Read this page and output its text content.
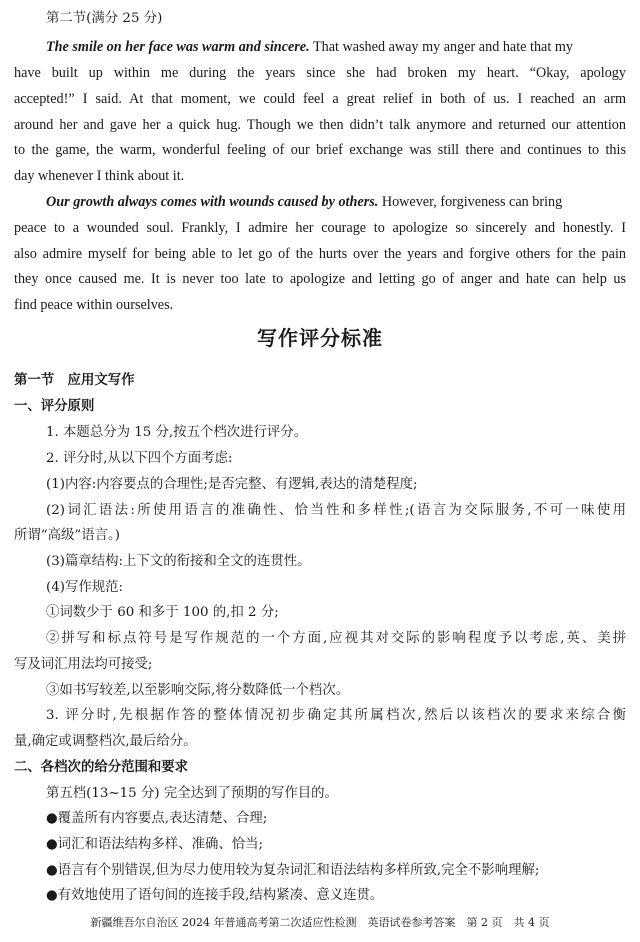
第二节(满分 25 分)
The smile on her face was warm and sincere. That washed away my anger and hate that my
have built up within me during the years since she had broken my heart. “Okay, apology
accepted!” I said. At that moment, we could feel a great relief in both of us. I reached an arm
around her and gave her a quick hug. Though we then didn’t talk anymore and returned our attention
to the game, the warm, wonderful feeling of our brief exchange was still there and continues to this
day whenever I think about it.
Our growth always comes with wounds caused by others. However, forgiveness can bring
peace to a wounded soul. Frankly, I admire her courage to apologize so sincerely and honestly. I
also admire myself for being able to let go of the hurts over the years and forgive others for the pain
they once caused me. It is never too late to apologize and letting go of anger and hate can help us
find peace within ourselves.
写作评分标准
第一节　应用文写作
一、评分原则
1. 本题总分为 15 分,按五个档次进行评分。
2. 评分时,从以下四个方面考虑:
(1)内容:内容要点的合理性;是否完整、有逻辑,表达的清楚程度;
(2)词汇语法:所使用语言的准确性、恰当性和多样性;(语言为交际服务,不可一味使用
所谓“高级”语言。)
(3)篇章结构:上下文的衔接和全文的连贯性。
(4)写作规范:
①词数少于 60 和多于 100 的,扣 2 分;
②拼写和标点符号是写作规范的一个方面,应视其对交际的影响程度予以考虑,英、美拼
写及词汇用法均可接受;
③如书写较差,以至影响交际,将分数降低一个档次。
3. 评分时,先根据作答的整体情况初步确定其所属档次,然后以该档次的要求来综合衡
量,确定或调整档次,最后给分。
二、各档次的给分范围和要求
第五档(13~15 分) 完全达到了预期的写作目的。
●覆盖所有内容要点,表达清楚、合理;
●词汇和语法结构多样、准确、恰当;
●语言有个别错误,但为尽力使用较为复杂词汇和语法结构多样所致,完全不影响理解;
●有效地使用了语句间的连接手段,结构紧凑、意义连贯。
新疆维吾尔自治区 2024 年普通高考第二次适应性检测　英语试卷参考答案　第 2 页　共 4 页
